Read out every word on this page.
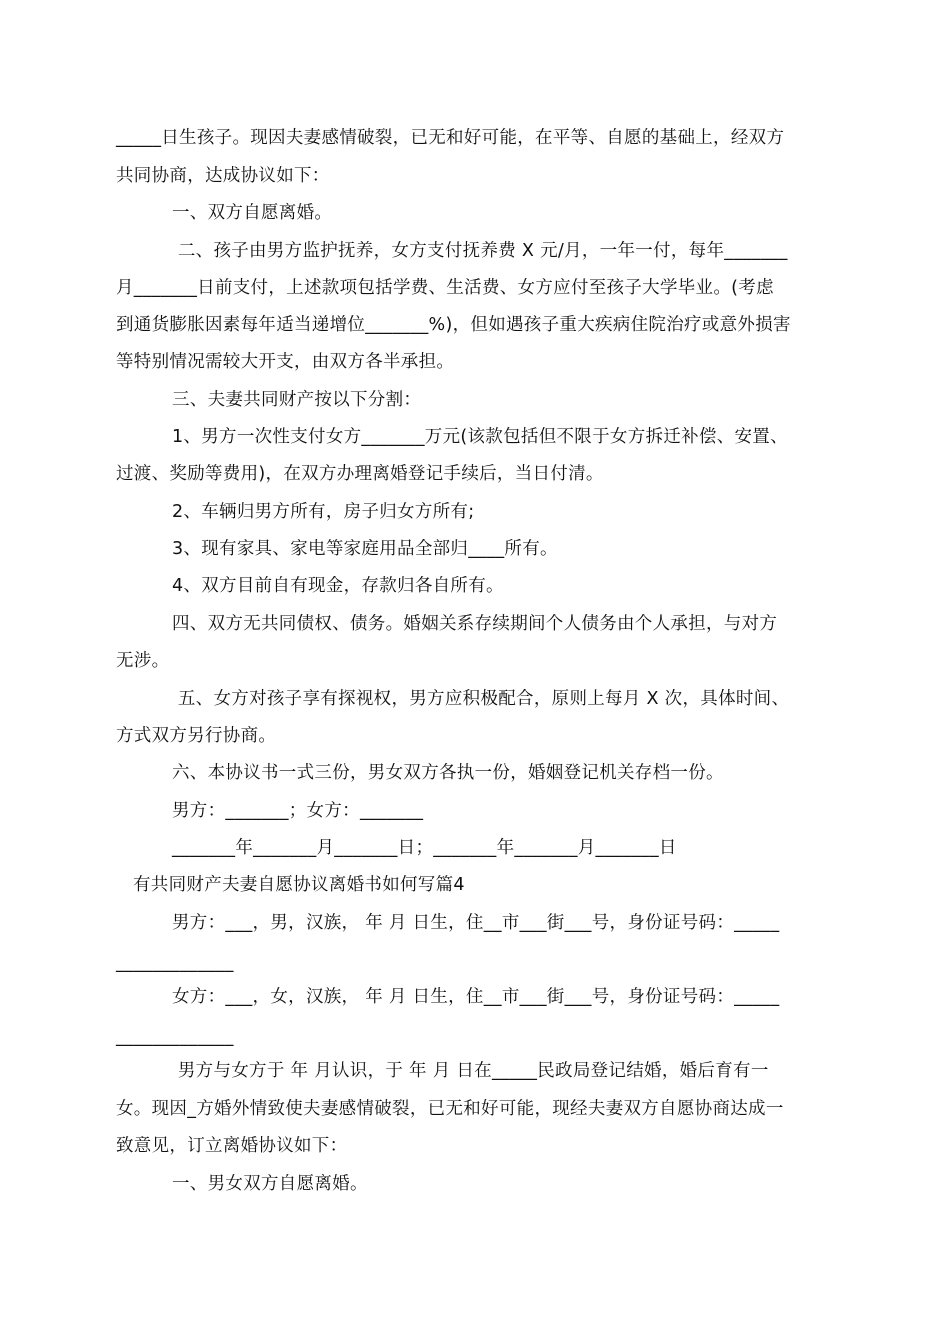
_____日生孩子。现因夫妻感情破裂，已无和好可能，在平等、自愿的基础上，经双方
共同协商，达成协议如下：
一、双方自愿离婚。
二、孩子由男方监护抚养，女方支付抚养费 X 元/月，一年一付，每年_______
月_______日前支付，上述款项包括学费、生活费、女方应付至孩子大学毕业。(考虑
到通货膨胀因素每年适当递增位_______%)，但如遇孩子重大疾病住院治疗或意外损害
等特别情况需较大开支，由双方各半承担。
三、夫妻共同财产按以下分割：
1、男方一次性支付女方_______万元(该款包括但不限于女方拆迁补偿、安置、
过渡、奖励等费用)，在双方办理离婚登记手续后，当日付清。
2、车辆归男方所有，房子归女方所有;
3、现有家具、家电等家庭用品全部归____所有。
4、双方目前自有现金，存款归各自所有。
四、双方无共同债权、债务。婚姻关系存续期间个人债务由个人承担，与对方
无涉。
五、女方对孩子享有探视权，男方应积极配合，原则上每月 X 次，具体时间、
方式双方另行协商。
六、本协议书一式三份，男女双方各执一份，婚姻登记机关存档一份。
男方：_______；女方：_______
_______年_______月_______日；_______年_______月_______日
有共同财产夫妻自愿协议离婚书如何写篇4
男方：___，男，汉族， 年 月 日生，住__市___街___号，身份证号码：_____
_____________
女方：___，女，汉族， 年 月 日生，住__市___街___号，身份证号码：_____
_____________
男方与女方于 年 月认识，于 年 月 日在_____民政局登记结婚，婚后育有一
女。现因_方婚外情致使夫妻感情破裂，已无和好可能，现经夫妻双方自愿协商达成一
致意见，订立离婚协议如下：
一、男女双方自愿离婚。
